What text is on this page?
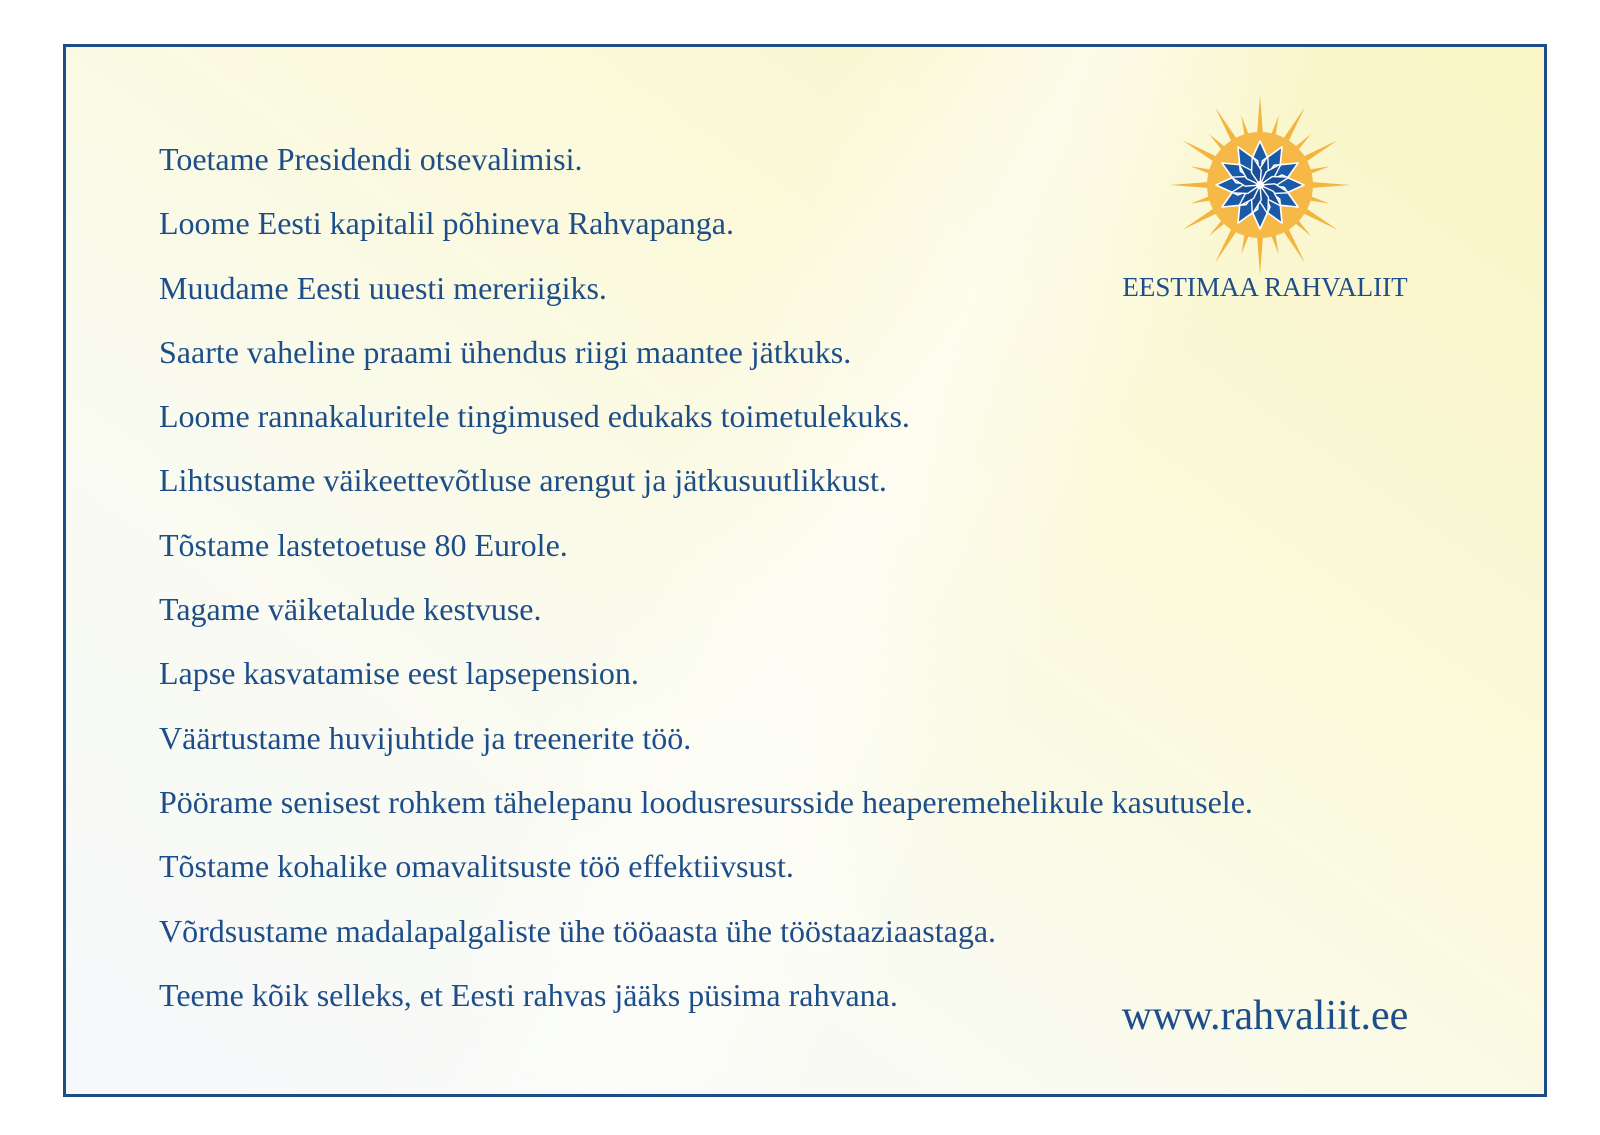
Toetame Presidendi otsevalimisi.
Loome Eesti kapitalil põhineva Rahvapanga.
Muudame Eesti uuesti mereriigiks.
Saarte vaheline praami ühendus riigi maantee jätkuks.
Loome rannakaluritele tingimused edukaks toimetulekuks.
Lihtsustame väikeettevõtluse arengut ja jätkusuutlikkust.
Tõstame lastetoetuse 80 Eurole.
Tagame väiketalude kestvuse.
Lapse kasvatamise eest lapsepension.
Väärtustame huvijuhtide ja treenerite töö.
Pöörame senisest rohkem tähelepanu loodusresursside heaperemehelikule kasutusele.
Tõstame kohalike omavalitsuste töö effektiivsust.
Võrdsustame madalapalgaliste ühe tööaasta ühe tööstaaziaastaga.
Teeme kõik selleks, et Eesti rahvas jääks püsima rahvana.
EESTIMAA RAHVALIIT
www.rahvaliit.ee
